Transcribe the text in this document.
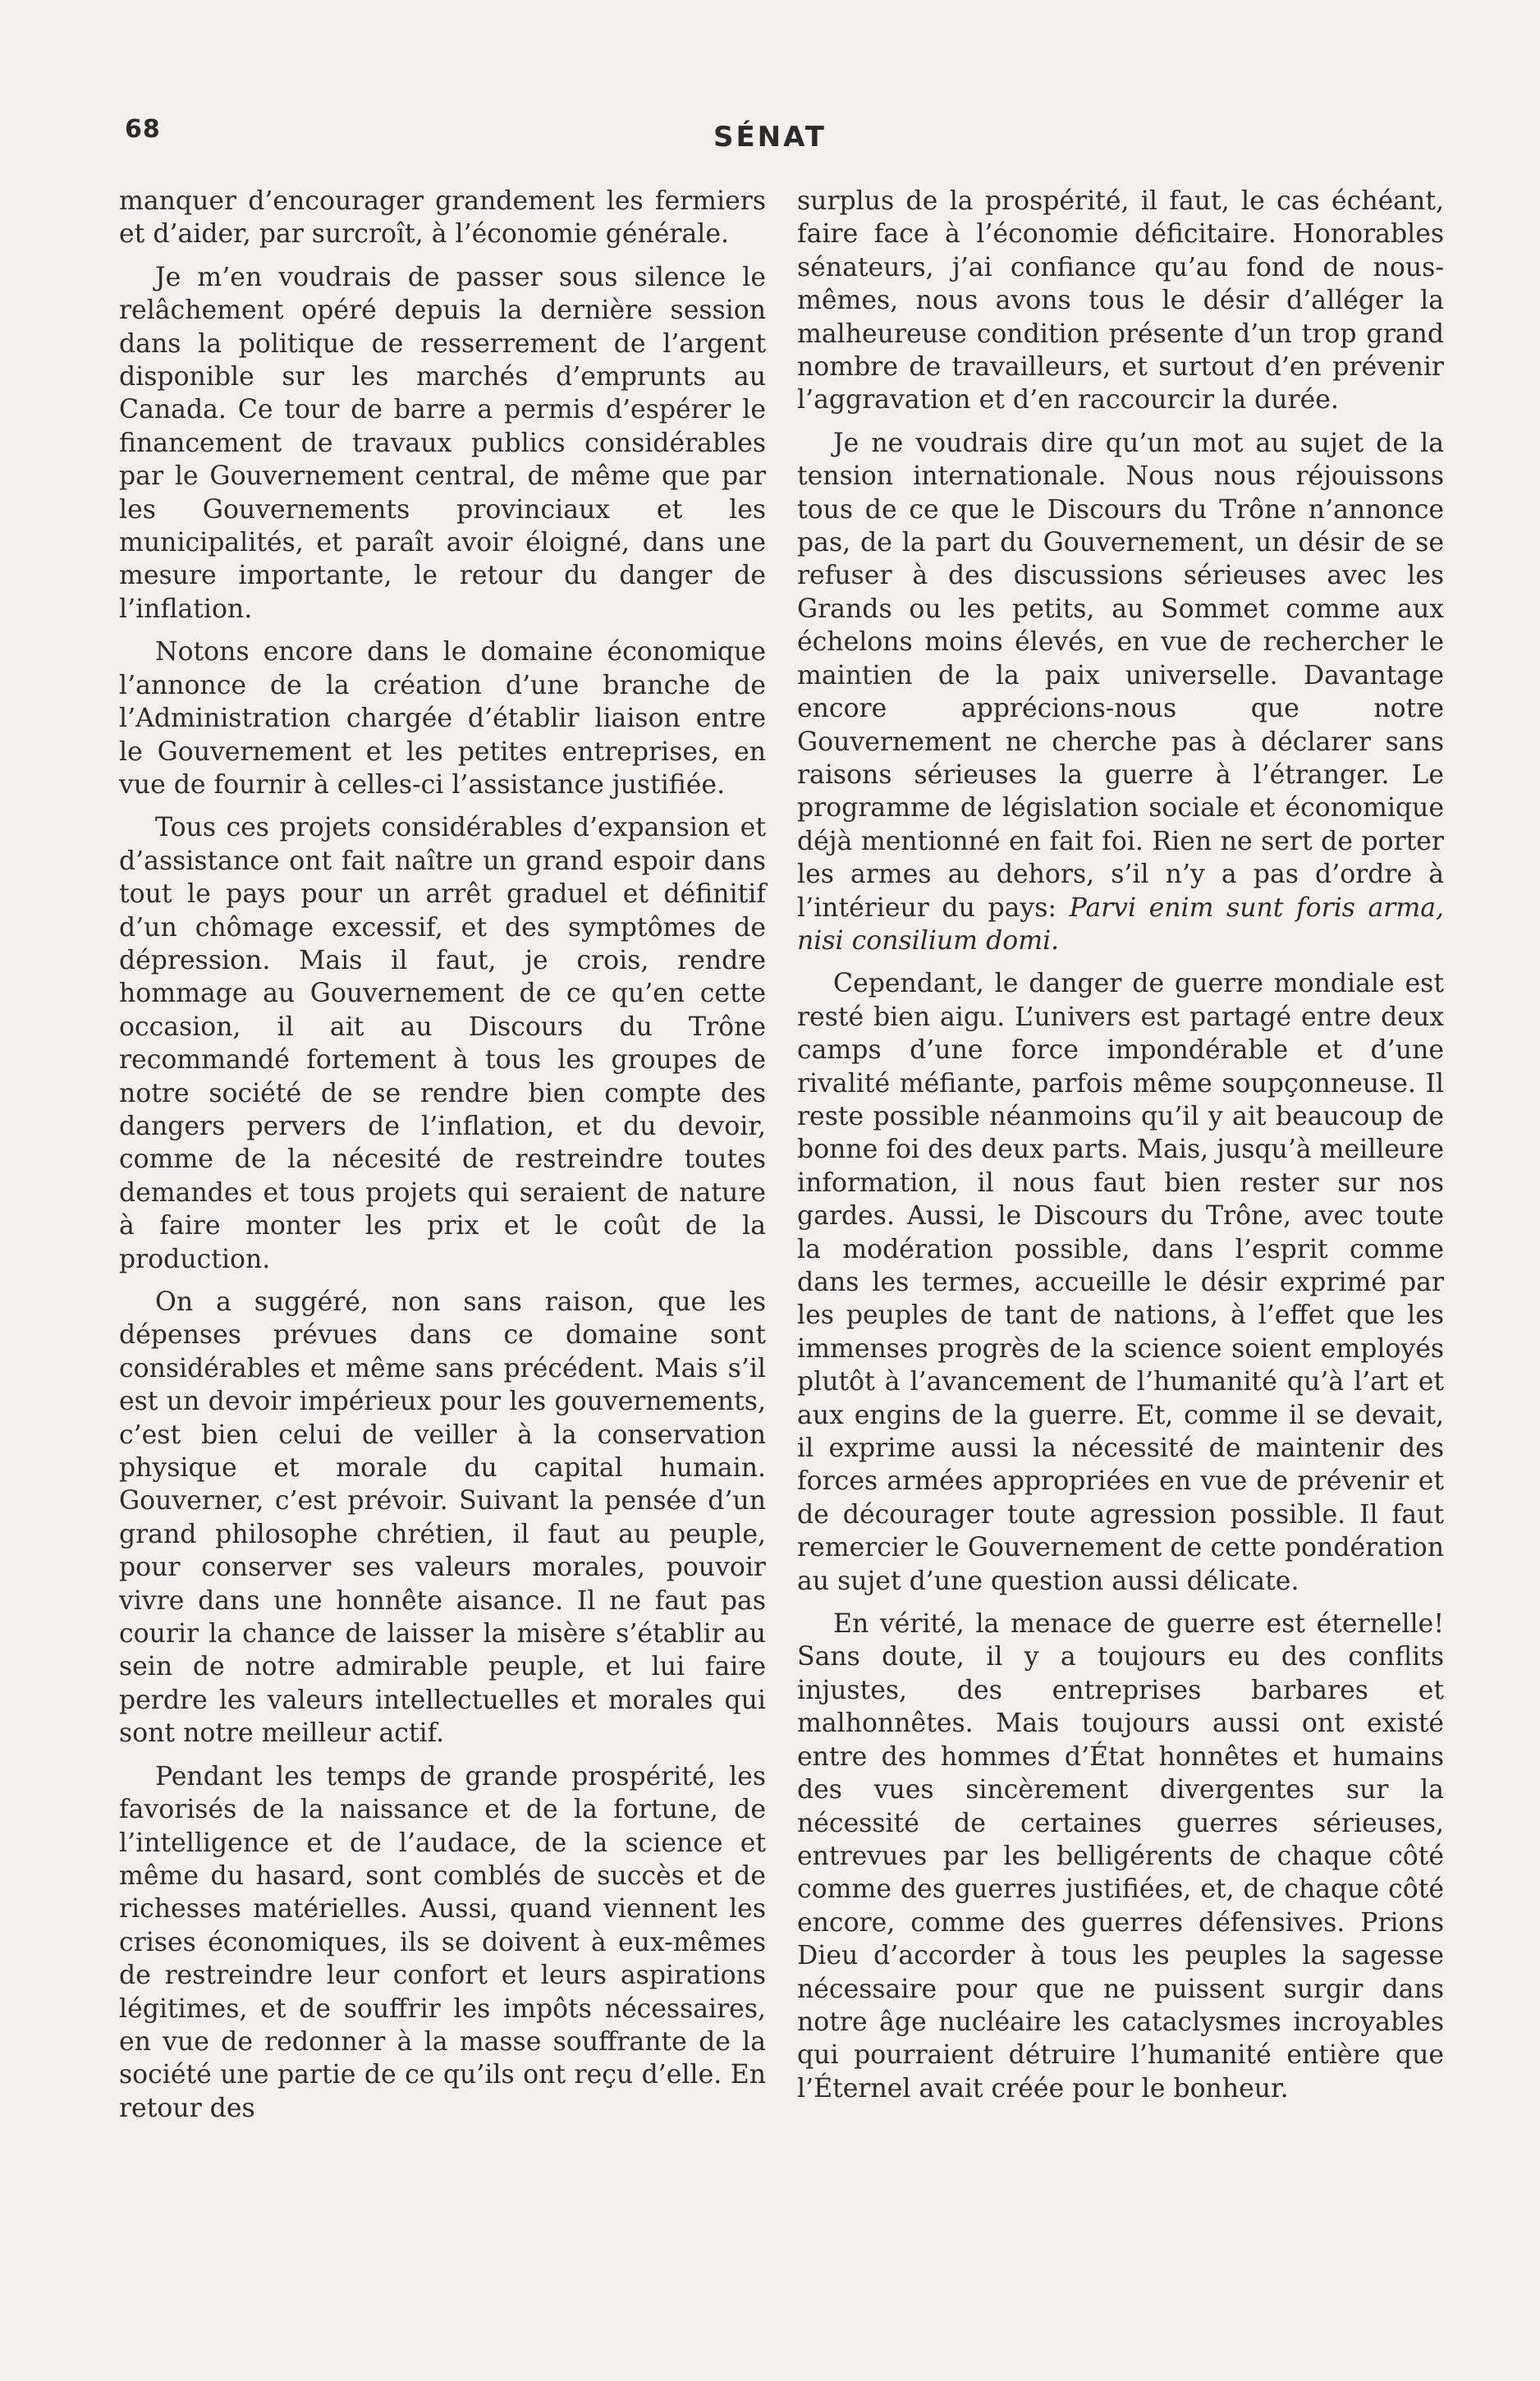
68	SÉNAT

manquer d’encourager grandement les fermiers et d’aider, par surcroît, à l’économie générale.

Je m’en voudrais de passer sous silence le relâchement opéré depuis la dernière session dans la politique de resserrement de l’argent disponible sur les marchés d’emprunts au Canada. Ce tour de barre a permis d’espérer le financement de travaux publics considérables par le Gouvernement central, de même que par les Gouvernements provinciaux et les municipalités, et paraît avoir éloigné, dans une mesure importante, le retour du danger de l’inflation.

Notons encore dans le domaine économique l’annonce de la création d’une branche de l’Administration chargée d’établir liaison entre le Gouvernement et les petites entreprises, en vue de fournir à celles-ci l’assistance justifiée.

Tous ces projets considérables d’expansion et d’assistance ont fait naître un grand espoir dans tout le pays pour un arrêt graduel et définitif d’un chômage excessif, et des symptômes de dépression. Mais il faut, je crois, rendre hommage au Gouvernement de ce qu’en cette occasion, il ait au Discours du Trône recommandé fortement à tous les groupes de notre société de se rendre bien compte des dangers pervers de l’inflation, et du devoir, comme de la nécesité de restreindre toutes demandes et tous projets qui seraient de nature à faire monter les prix et le coût de la production.

On a suggéré, non sans raison, que les dépenses prévues dans ce domaine sont considérables et même sans précédent. Mais s’il est un devoir impérieux pour les gouvernements, c’est bien celui de veiller à la conservation physique et morale du capital humain. Gouverner, c’est prévoir. Suivant la pensée d’un grand philosophe chrétien, il faut au peuple, pour conserver ses valeurs morales, pouvoir vivre dans une honnête aisance. Il ne faut pas courir la chance de laisser la misère s’établir au sein de notre admirable peuple, et lui faire perdre les valeurs intellectuelles et morales qui sont notre meilleur actif.

Pendant les temps de grande prospérité, les favorisés de la naissance et de la fortune, de l’intelligence et de l’audace, de la science et même du hasard, sont comblés de succès et de richesses matérielles. Aussi, quand viennent les crises économiques, ils se doivent à eux-mêmes de restreindre leur confort et leurs aspirations légitimes, et de souffrir les impôts nécessaires, en vue de redonner à la masse souffrante de la société une partie de ce qu’ils ont reçu d’elle. En retour des

surplus de la prospérité, il faut, le cas échéant, faire face à l’économie déficitaire. Honorables sénateurs, j’ai confiance qu’au fond de nous-mêmes, nous avons tous le désir d’alléger la malheureuse condition présente d’un trop grand nombre de travailleurs, et surtout d’en prévenir l’aggravation et d’en raccourcir la durée.

Je ne voudrais dire qu’un mot au sujet de la tension internationale. Nous nous réjouissons tous de ce que le Discours du Trône n’annonce pas, de la part du Gouvernement, un désir de se refuser à des discussions sérieuses avec les Grands ou les petits, au Sommet comme aux échelons moins élevés, en vue de rechercher le maintien de la paix universelle. Davantage encore apprécions-nous que notre Gouvernement ne cherche pas à déclarer sans raisons sérieuses la guerre à l’étranger. Le programme de législation sociale et économique déjà mentionné en fait foi. Rien ne sert de porter les armes au dehors, s’il n’y a pas d’ordre à l’intérieur du pays: Parvi enim sunt foris arma, nisi consilium domi.

Cependant, le danger de guerre mondiale est resté bien aigu. L’univers est partagé entre deux camps d’une force impondérable et d’une rivalité méfiante, parfois même soupçonneuse. Il reste possible néanmoins qu’il y ait beaucoup de bonne foi des deux parts. Mais, jusqu’à meilleure information, il nous faut bien rester sur nos gardes. Aussi, le Discours du Trône, avec toute la modération possible, dans l’esprit comme dans les termes, accueille le désir exprimé par les peuples de tant de nations, à l’effet que les immenses progrès de la science soient employés plutôt à l’avancement de l’humanité qu’à l’art et aux engins de la guerre. Et, comme il se devait, il exprime aussi la nécessité de maintenir des forces armées appropriées en vue de prévenir et de décourager toute agression possible. Il faut remercier le Gouvernement de cette pondération au sujet d’une question aussi délicate.

En vérité, la menace de guerre est éternelle! Sans doute, il y a toujours eu des conflits injustes, des entreprises barbares et malhonnêtes. Mais toujours aussi ont existé entre des hommes d’État honnêtes et humains des vues sincèrement divergentes sur la nécessité de certaines guerres sérieuses, entrevues par les belligérents de chaque côté comme des guerres justifiées, et, de chaque côté encore, comme des guerres défensives. Prions Dieu d’accorder à tous les peuples la sagesse nécessaire pour que ne puissent surgir dans notre âge nucléaire les cataclysmes incroyables qui pourraient détruire l’humanité entière que l’Éternel avait créée pour le bonheur.
